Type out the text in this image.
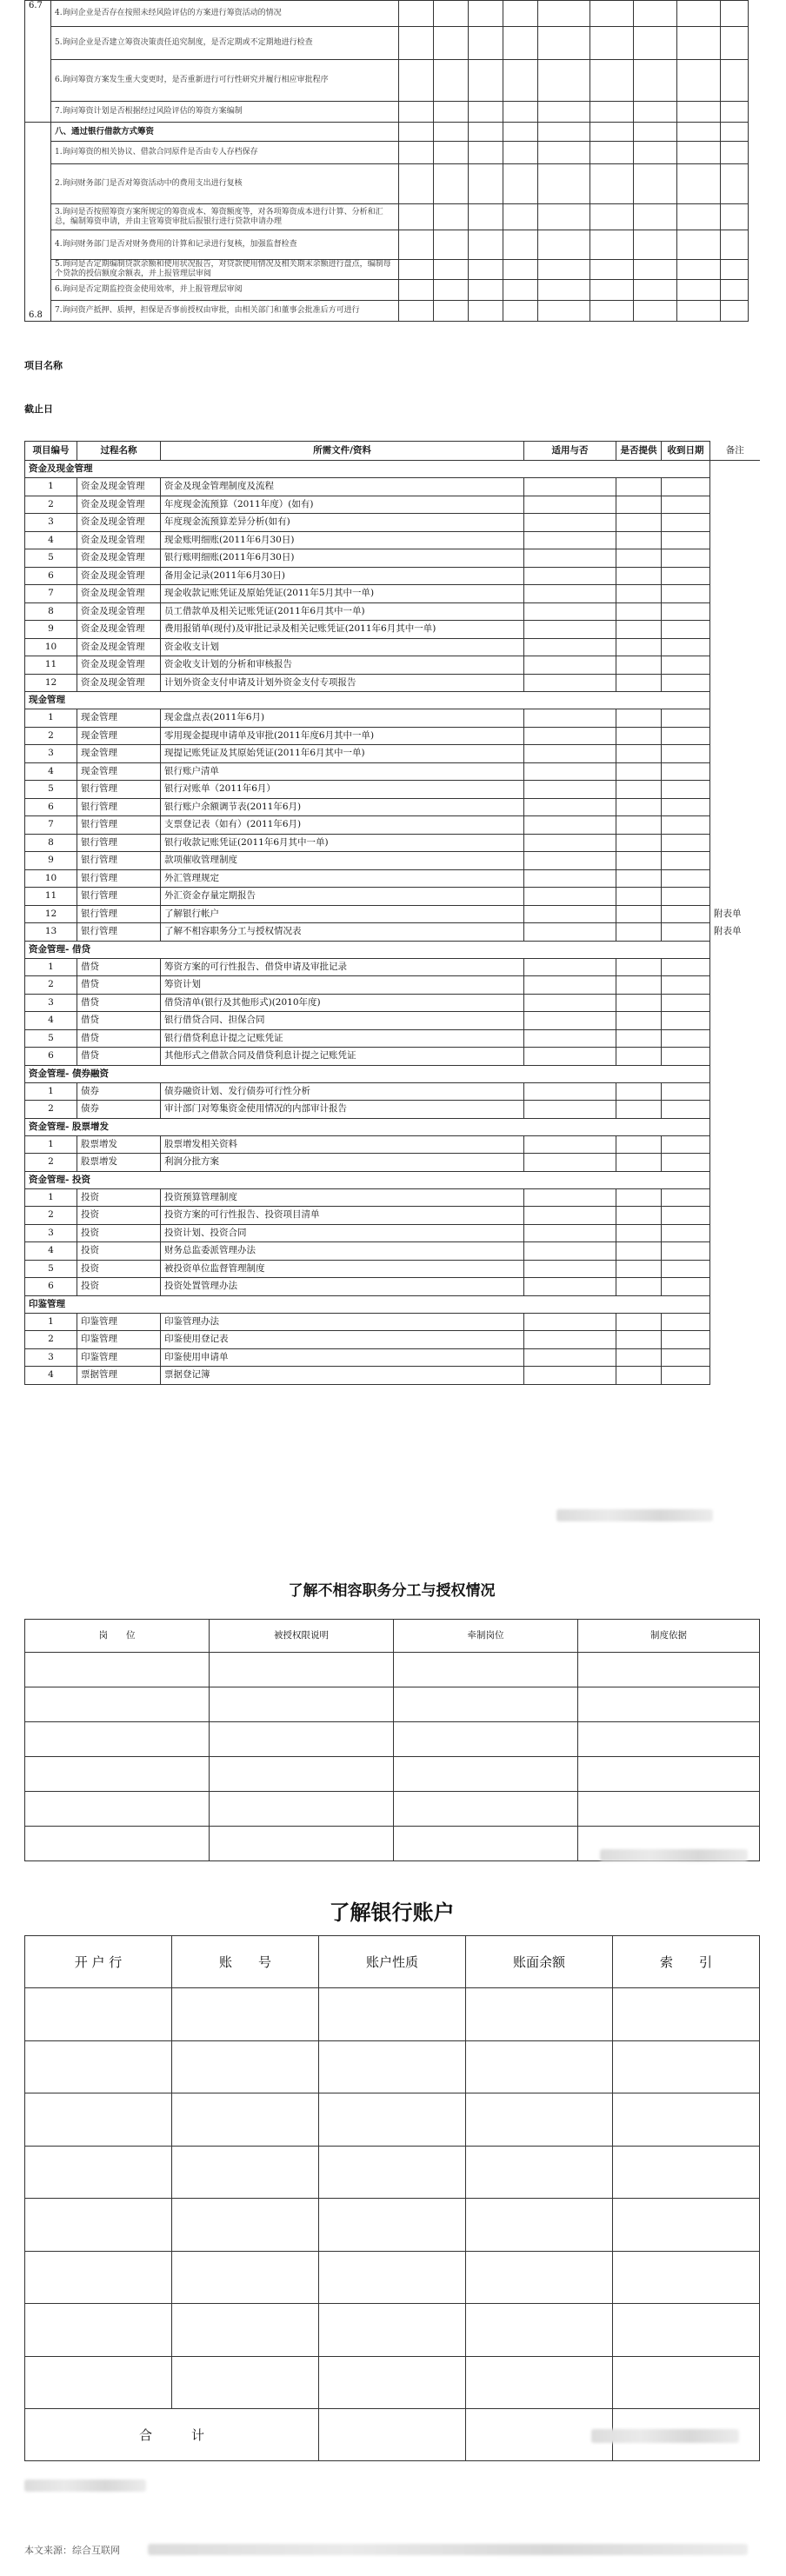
6.7	4.询问企业是否存在按照未经风险评估的方案进行筹资活动的情况									
	5.询问企业是否建立筹资决策责任追究制度，是否定期或不定期地进行检查									
	6.询问筹资方案发生重大变更时，是否重新进行可行性研究并履行相应审批程序									
	7.询问筹资计划是否根据经过风险评估的筹资方案编制									
6.8	八、通过银行借款方式筹资									
	1.询问筹资的相关协议、借款合同原件是否由专人存档保存									
	2.询问财务部门是否对筹资活动中的费用支出进行复核									
	3.询问是否按照筹资方案所规定的筹资成本、筹资额度等，对各项筹资成本进行计算、分析和汇总，编制筹资申请，并由主管筹资审批后报银行进行贷款申请办理									
	4.询问财务部门是否对财务费用的计算和记录进行复核，加强监督检查									
	5.询问是否定期编制贷款余额和使用状况报告，对贷款使用情况及相关期末余额进行盘点，编制每个贷款的授信额度余额表，并上报管理层审阅									
	6.询问是否定期监控资金使用效率，并上报管理层审阅									
	7.询问资产抵押、质押，担保是否事前授权由审批，由相关部门和董事会批准后方可进行									
项目名称
截止日
项目编号	过程名称	所需文件/资料	适用与否	是否提供	收到日期	备注
资金及现金管理						
1	资金及现金管理	资金及现金管理制度及流程				
2	资金及现金管理	年度现金流预算（2011年度）(如有)				
3	资金及现金管理	年度现金流预算差异分析(如有)				
4	资金及现金管理	现金账明细账(2011年6月30日)				
5	资金及现金管理	银行账明细账(2011年6月30日)				
6	资金及现金管理	备用金记录(2011年6月30日)				
7	资金及现金管理	现金收款记账凭证及原始凭证(2011年5月其中一单)				
8	资金及现金管理	员工借款单及相关记账凭证(2011年6月其中一单)				
9	资金及现金管理	费用报销单(现付)及审批记录及相关记账凭证(2011年6月其中一单)				
10	资金及现金管理	资金收支计划				
11	资金及现金管理	资金收支计划的分析和审核报告				
12	资金及现金管理	计划外资金支付申请及计划外资金支付专项报告				
现金管理						
1	现金管理	现金盘点表(2011年6月)				
2	现金管理	零用现金提现申请单及审批(2011年度6月其中一单)				
3	现金管理	现提记账凭证及其原始凭证(2011年6月其中一单)				
4	现金管理	银行账户清单				
5	银行管理	银行对账单（2011年6月）				
6	银行管理	银行账户余额调节表(2011年6月)				
7	银行管理	支票登记表（如有）(2011年6月)				
8	银行管理	银行收款记账凭证(2011年6月其中一单)				
9	银行管理	款项催收管理制度				
10	银行管理	外汇管理规定				
11	银行管理	外汇资金存量定期报告				
12	银行管理	了解银行帐户				附表单
13	银行管理	了解不相容职务分工与授权情况表				附表单
资金管理- 借贷						
1	借贷	筹资方案的可行性报告、借贷申请及审批记录				
2	借贷	筹资计划				
3	借贷	借贷清单(银行及其他形式)(2010年度)				
4	借贷	银行借贷合同、担保合同				
5	借贷	银行借贷利息计提之记账凭证				
6	借贷	其他形式之借款合同及借贷利息计提之记账凭证				
资金管理- 债券融资						
1	债券	债券融资计划、发行债券可行性分析				
2	债券	审计部门对筹集资金使用情况的内部审计报告				
资金管理- 股票增发						
1	股票增发	股票增发相关资料				
2	股票增发	利润分批方案				
资金管理- 投资						
1	投资	投资预算管理制度				
2	投资	投资方案的可行性报告、投资项目清单				
3	投资	投资计划、投资合同				
4	投资	财务总监委派管理办法				
5	投资	被投资单位监督管理制度				
6	投资	投资处置管理办法				
印鉴管理						
1	印鉴管理	印鉴管理办法				
2	印鉴管理	印鉴使用登记表				
3	印鉴管理	印鉴使用申请单				
4	票据管理	票据登记簿				
了解不相容职务分工与授权情况
岗　　位	被授权限说明	牵制岗位	制度依据

了解银行账户
开 户 行	账　　号	账户性质	账面余额	索　　引

合　　　计				
本文来源：综合互联网
